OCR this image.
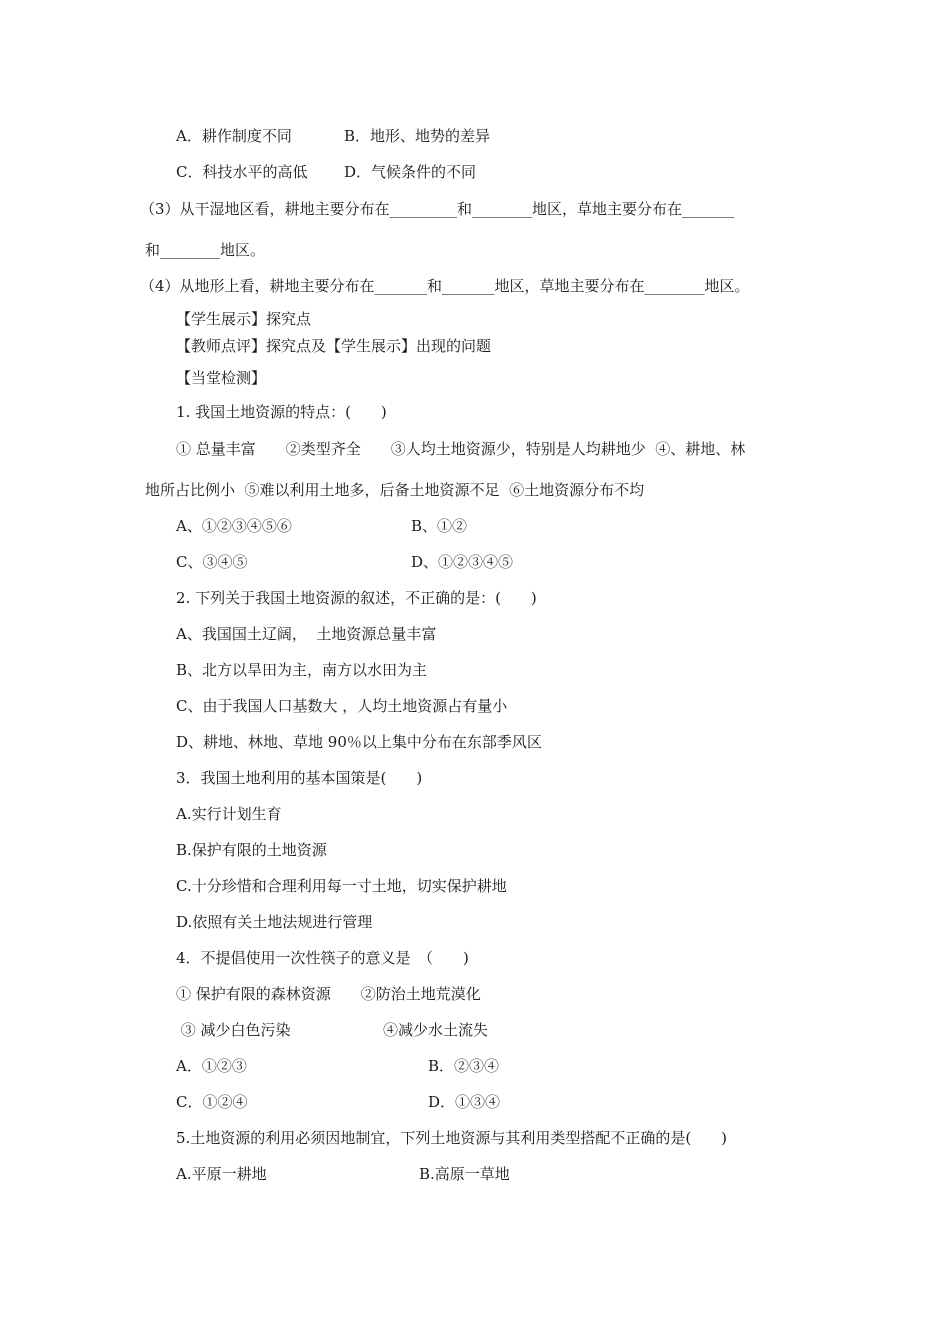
A．耕作制度不同	B．地形、地势的差异
C．科技水平的高低 D．气候条件的不同
（3）从干湿地区看，耕地主要分布在_________和________地区，草地主要分布在_______
和________地区。
（4）从地形上看，耕地主要分布在_______和_______地区，草地主要分布在________地区。
【学生展示】探究点
【教师点评】探究点及【学生展示】出现的问题
【当堂检测】
1. 我国土地资源的特点：(　　)
① 总量丰富　　②类型齐全　　③人均土地资源少，特别是人均耕地少  ④、耕地、林
地所占比例小  ⑤难以利用土地多，后备土地资源不足  ⑥土地资源分布不均
A、①②③④⑤⑥	B、①②
C、③④⑤	D、①②③④⑤
2. 下列关于我国土地资源的叙述，不正确的是：(　　)
A、我国国土辽阔，  土地资源总量丰富
B、北方以旱田为主，南方以水田为主
C、由于我国人口基数大 ，人均土地资源占有量小
D、耕地、林地、草地 90％以上集中分布在东部季风区
3．我国土地利用的基本国策是(　　)
A.实行计划生育
B.保护有限的土地资源
C.十分珍惜和合理利用每一寸土地，切实保护耕地
D.依照有关土地法规进行管理
4．不提倡使用一次性筷子的意义是　（　　)
① 保护有限的森林资源　　②防治土地荒漠化
③ 减少白色污染	④减少水土流失
A．①②③	B．②③④
C．①②④	D．①③④
5.土地资源的利用必须因地制宜，下列土地资源与其利用类型搭配不正确的是(　　)
A.平原一耕地	B.高原一草地
